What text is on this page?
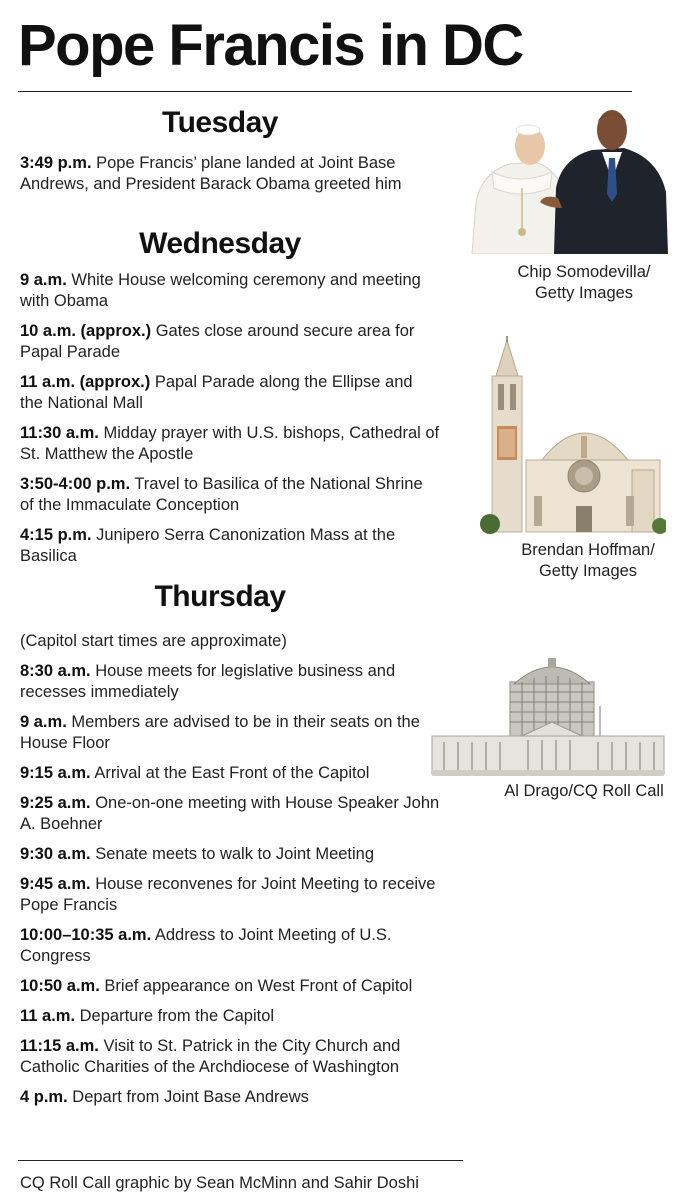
Pope Francis in DC
Tuesday
3:49 p.m. Pope Francis’ plane landed at Joint Base Andrews, and President Barack Obama greeted him
Wednesday
9 a.m. White House welcoming ceremony and meeting with Obama
10 a.m. (approx.) Gates close around secure area for Papal Parade
11 a.m. (approx.) Papal Parade along the Ellipse and the National Mall
11:30 a.m. Midday prayer with U.S. bishops, Cathedral of St. Matthew the Apostle
3:50-4:00 p.m. Travel to Basilica of the National Shrine of the Immaculate Conception
4:15 p.m. Junipero Serra Canonization Mass at the Basilica
Thursday
(Capitol start times are approximate)
8:30 a.m. House meets for legislative business and recesses immediately
9 a.m. Members are advised to be in their seats on the House Floor
9:15 a.m. Arrival at the East Front of the Capitol
9:25 a.m. One-on-one meeting with House Speaker John A. Boehner
9:30 a.m. Senate meets to walk to Joint Meeting
9:45 a.m. House reconvenes for Joint Meeting to receive Pope Francis
10:00–10:35 a.m. Address to Joint Meeting of U.S. Congress
10:50 a.m. Brief appearance on West Front of Capitol
11 a.m. Departure from the Capitol
11:15 a.m. Visit to St. Patrick in the City Church and Catholic Charities of the Archdiocese of Washington
4 p.m. Depart from Joint Base Andrews
Chip Somodevilla/
Getty Images
Brendan Hoffman/
Getty Images
Al Drago/CQ Roll Call
CQ Roll Call graphic by Sean McMinn and Sahir Doshi
